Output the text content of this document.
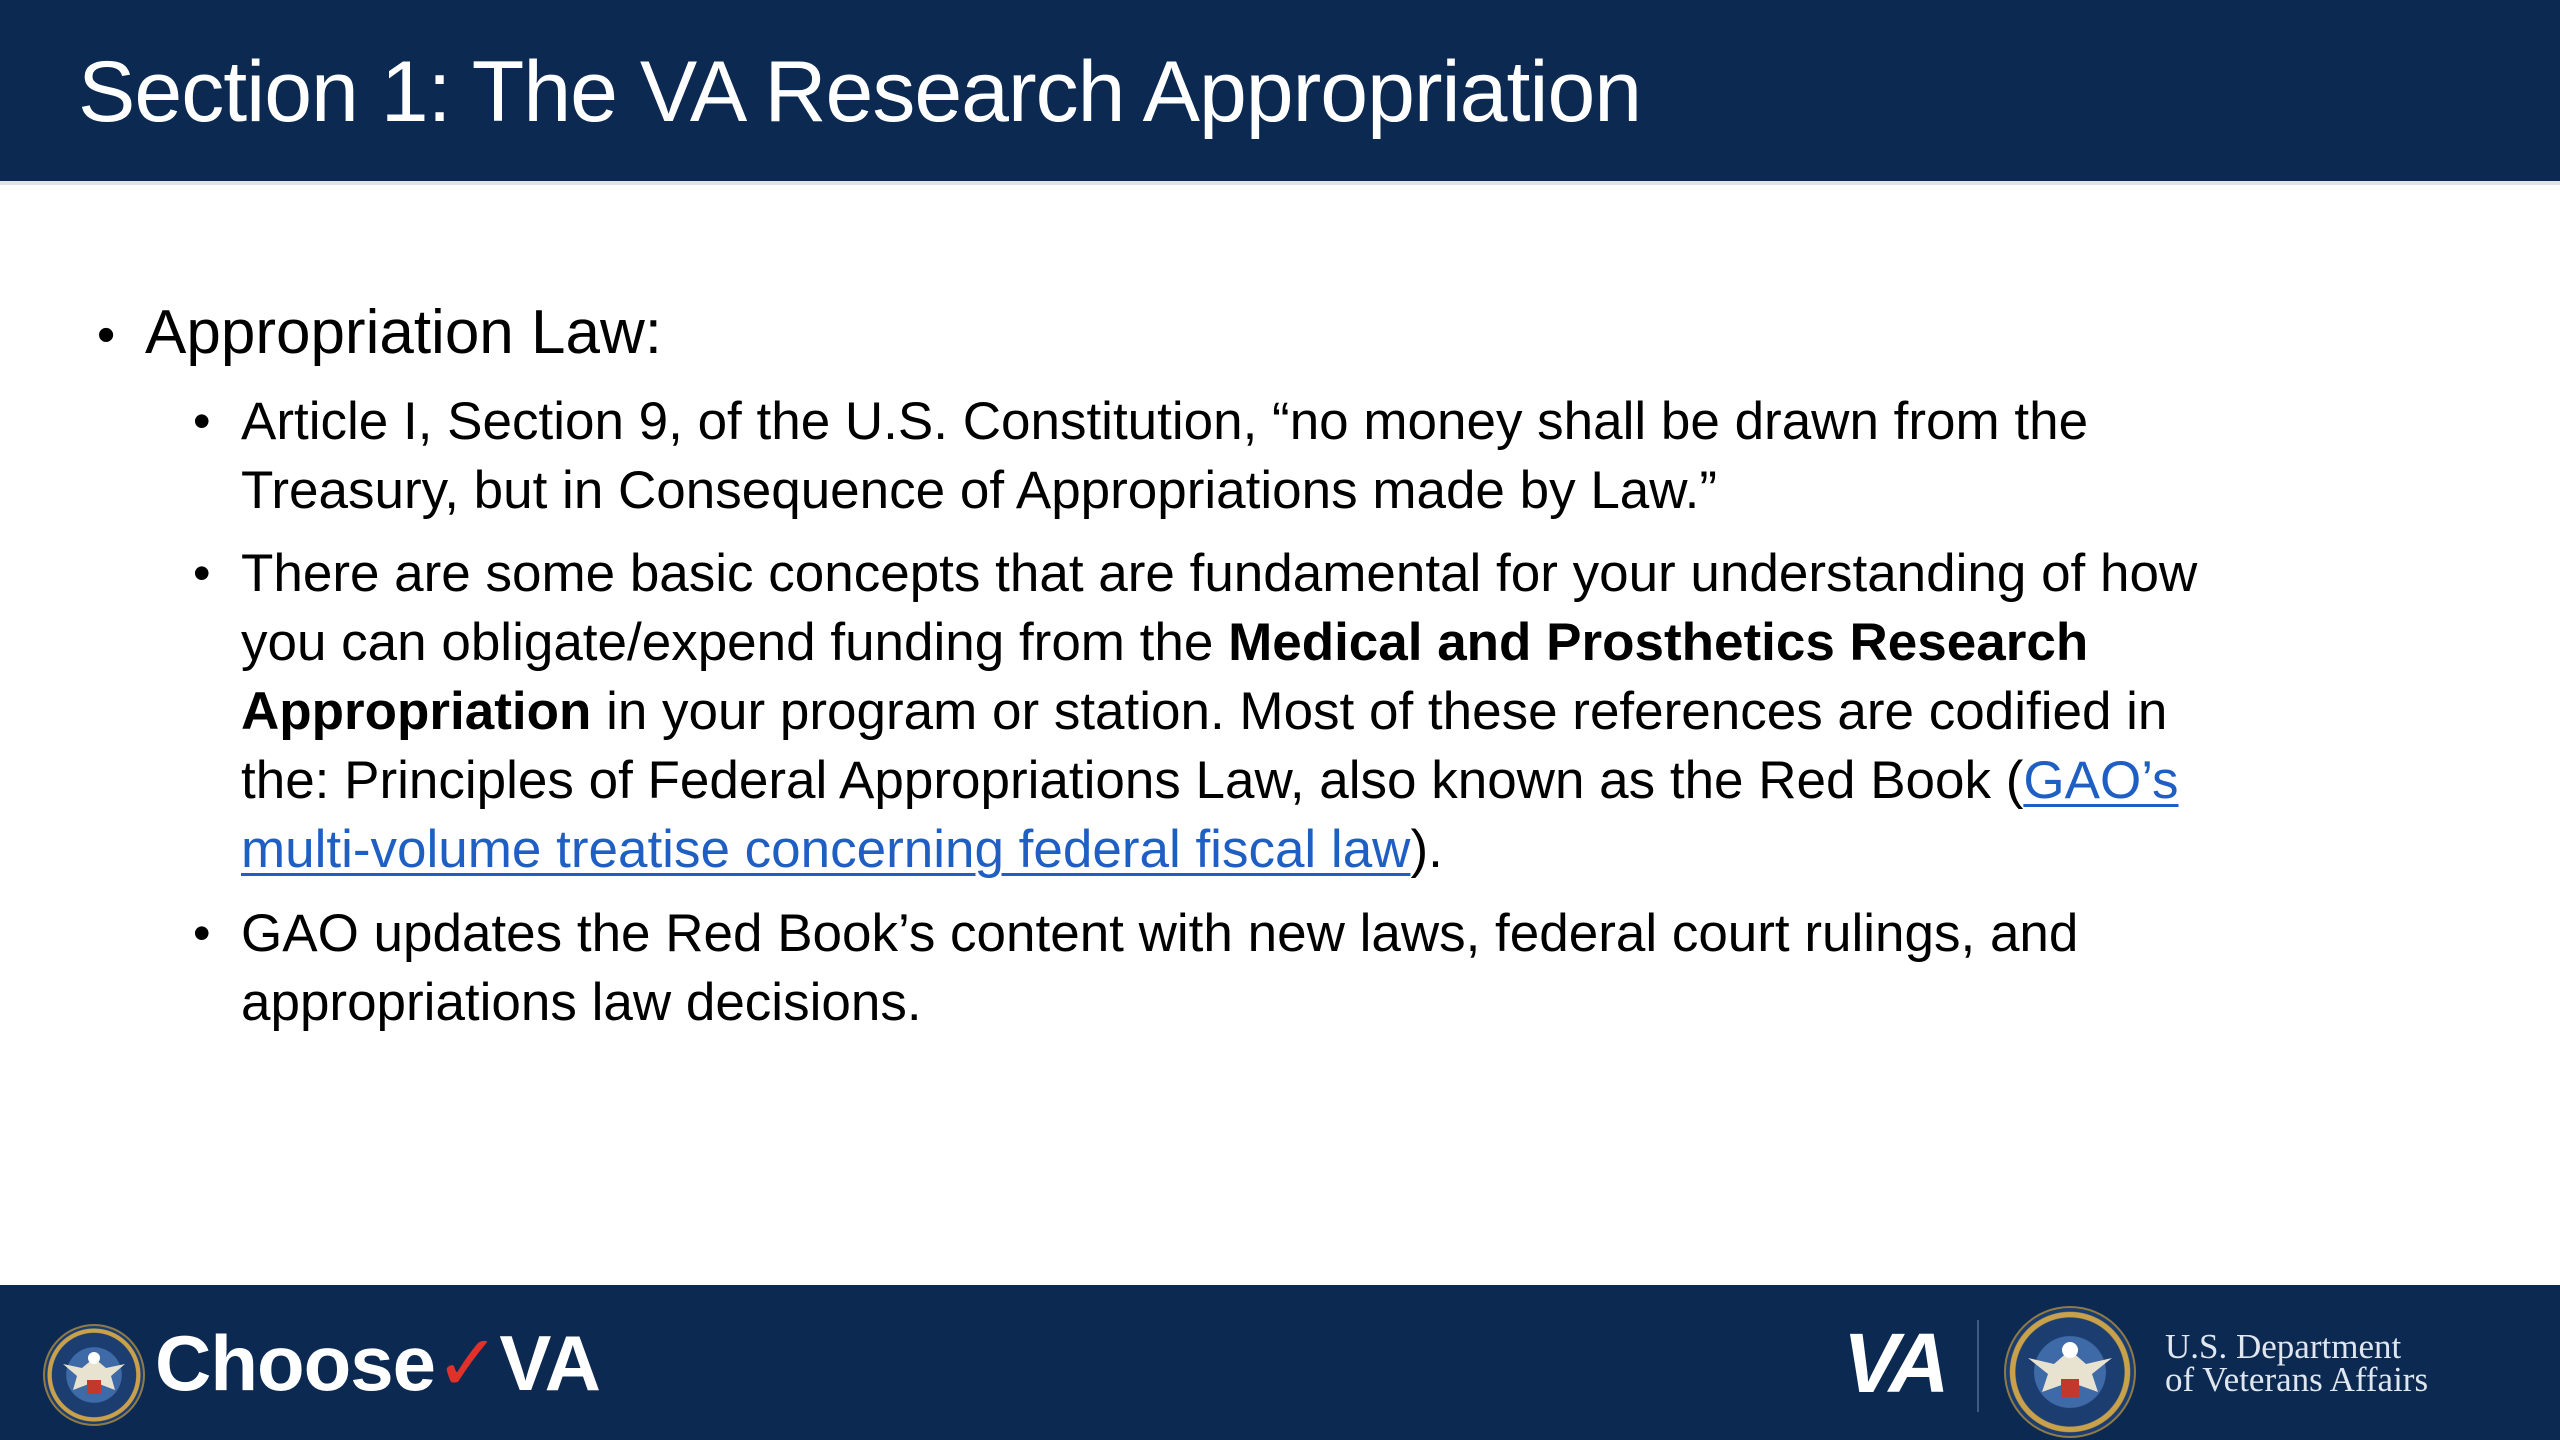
Section 1: The VA Research Appropriation
• Appropriation Law:
• Article I, Section 9, of the U.S. Constitution, “no money shall be drawn from the
Treasury, but in Consequence of Appropriations made by Law.”
• There are some basic concepts that are fundamental for your understanding of how
you can obligate/expend funding from the Medical and Prosthetics Research
Appropriation in your program or station. Most of these references are codified in
the: Principles of Federal Appropriations Law, also known as the Red Book (GAO’s
multi-volume treatise concerning federal fiscal law).
• GAO updates the Red Book’s content with new laws, federal court rulings, and
appropriations law decisions.
Choose✓VA	VA	U.S. Department
of Veterans Affairs
